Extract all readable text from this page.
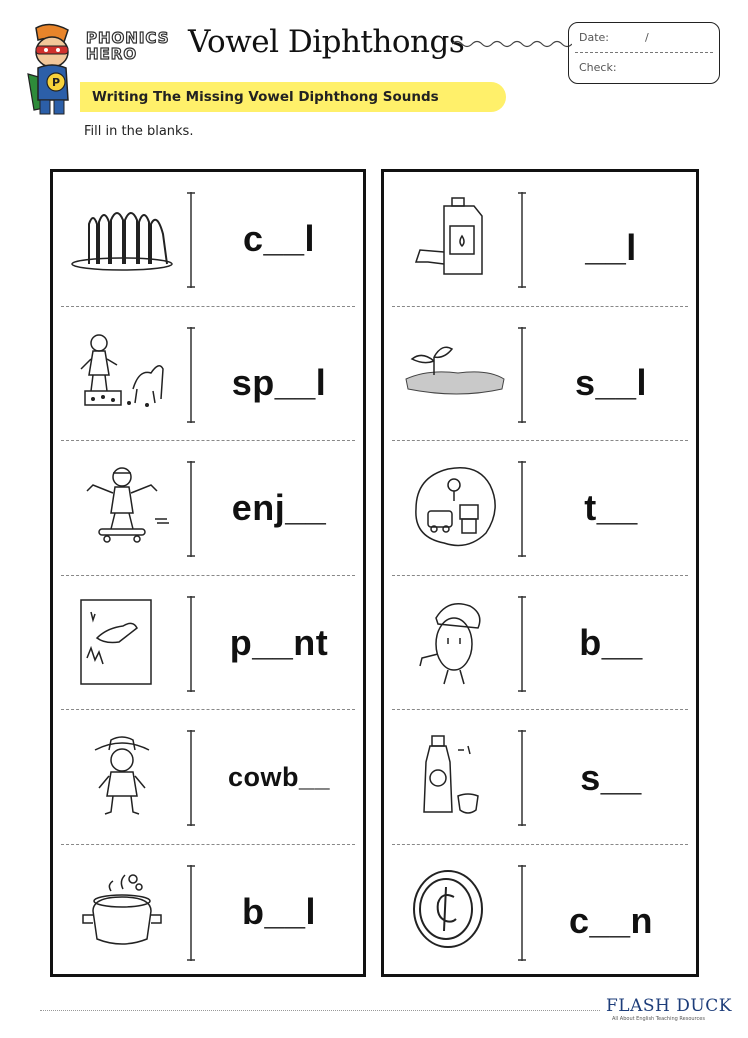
P
PHONICS
HERO	Vowel Diphthongs	Date:	/
Check:
Writing The Missing Vowel Diphthong Sounds
Fill in the blanks.
c__l
sp__l
enj__
p__nt
cowb__
b__l
__l
s__l
t__
b__
s__
c__n
FLASH DUCK
All About English Teaching Resources
